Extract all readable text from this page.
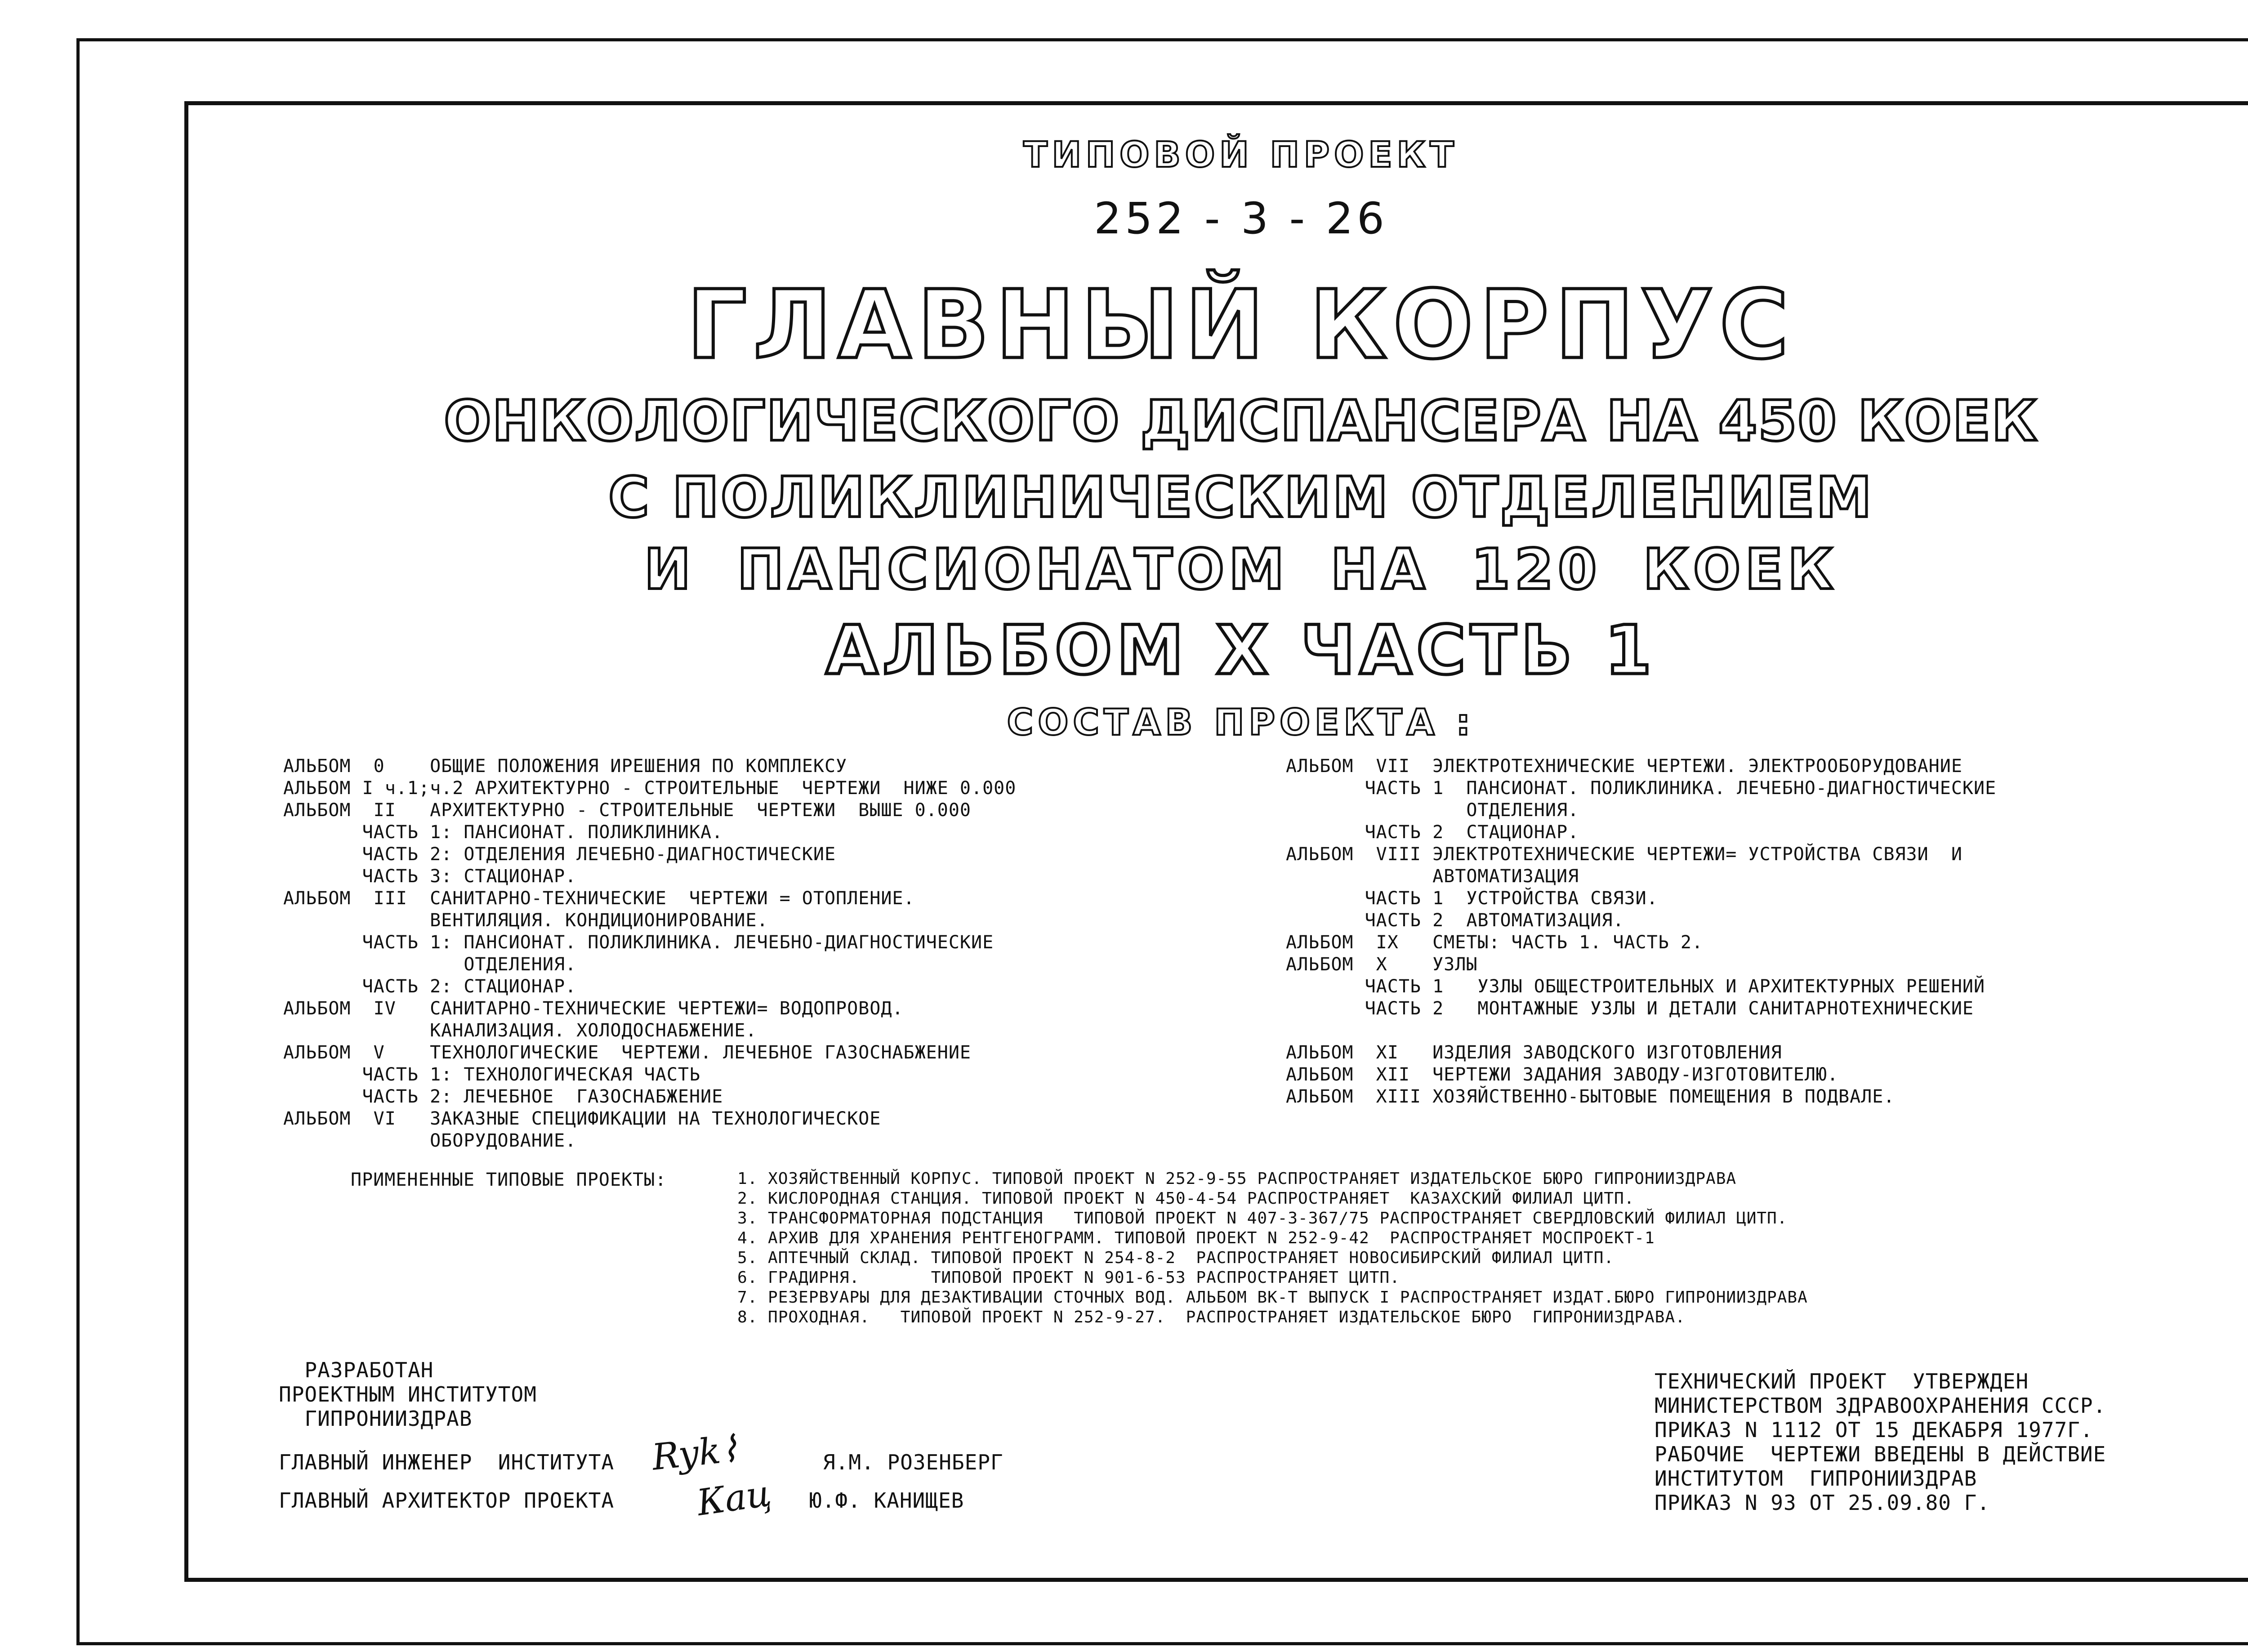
ТИПОВОЙ ПРОЕКТ
252 - 3 - 26
ГЛАВНЫЙ КОРПУС
ОНКОЛОГИЧЕСКОГО ДИСПАНСЕРА НА 450 КОЕК
С ПОЛИКЛИНИЧЕСКИМ ОТДЕЛЕНИЕМ
И ПАНСИОНАТОМ НА 120 КОЕК
АЛЬБОМ X ЧАСТЬ 1
СОСТАВ ПРОЕКТА :
АЛЬБОМ  0    ОБЩИЕ ПОЛОЖЕНИЯ ИРЕШЕНИЯ ПО КОМПЛЕКСУ
АЛЬБОМ I ч.1;ч.2 АРХИТЕКТУРНО - СТРОИТЕЛЬНЫЕ  ЧЕРТЕЖИ  НИЖЕ 0.000
АЛЬБОМ  II   АРХИТЕКТУРНО - СТРОИТЕЛЬНЫЕ  ЧЕРТЕЖИ  ВЫШЕ 0.000
ЧАСТЬ 1: ПАНСИОНАТ. ПОЛИКЛИНИКА.
ЧАСТЬ 2: ОТДЕЛЕНИЯ ЛЕЧЕБНО-ДИАГНОСТИЧЕСКИЕ
ЧАСТЬ 3: СТАЦИОНАР.
АЛЬБОМ  III  САНИТАРНО-ТЕХНИЧЕСКИЕ  ЧЕРТЕЖИ = ОТОПЛЕНИЕ.
ВЕНТИЛЯЦИЯ. КОНДИЦИОНИРОВАНИЕ.
ЧАСТЬ 1: ПАНСИОНАТ. ПОЛИКЛИНИКА. ЛЕЧЕБНО-ДИАГНОСТИЧЕСКИЕ
ОТДЕЛЕНИЯ.
ЧАСТЬ 2: СТАЦИОНАР.
АЛЬБОМ  IV   САНИТАРНО-ТЕХНИЧЕСКИЕ ЧЕРТЕЖИ= ВОДОПРОВОД.
КАНАЛИЗАЦИЯ. ХОЛОДОСНАБЖЕНИЕ.
АЛЬБОМ  V    ТЕХНОЛОГИЧЕСКИЕ  ЧЕРТЕЖИ. ЛЕЧЕБНОЕ ГАЗОСНАБЖЕНИЕ
ЧАСТЬ 1: ТЕХНОЛОГИЧЕСКАЯ ЧАСТЬ
ЧАСТЬ 2: ЛЕЧЕБНОЕ  ГАЗОСНАБЖЕНИЕ
АЛЬБОМ  VI   ЗАКАЗНЫЕ СПЕЦИФИКАЦИИ НА ТЕХНОЛОГИЧЕСКОЕ
ОБОРУДОВАНИЕ.
АЛЬБОМ  VII  ЭЛЕКТРОТЕХНИЧЕСКИЕ ЧЕРТЕЖИ. ЭЛЕКТРООБОРУДОВАНИЕ
ЧАСТЬ 1  ПАНСИОНАТ. ПОЛИКЛИНИКА. ЛЕЧЕБНО-ДИАГНОСТИЧЕСКИЕ
ОТДЕЛЕНИЯ.
ЧАСТЬ 2  СТАЦИОНАР.
АЛЬБОМ  VIII ЭЛЕКТРОТЕХНИЧЕСКИЕ ЧЕРТЕЖИ= УСТРОЙСТВА СВЯЗИ  И
АВТОМАТИЗАЦИЯ
ЧАСТЬ 1  УСТРОЙСТВА СВЯЗИ.
ЧАСТЬ 2  АВТОМАТИЗАЦИЯ.
АЛЬБОМ  IX   СМЕТЫ: ЧАСТЬ 1. ЧАСТЬ 2.
АЛЬБОМ  X    УЗЛЫ
ЧАСТЬ 1   УЗЛЫ ОБЩЕСТРОИТЕЛЬНЫХ И АРХИТЕКТУРНЫХ РЕШЕНИЙ
ЧАСТЬ 2   МОНТАЖНЫЕ УЗЛЫ И ДЕТАЛИ САНИТАРНОТЕХНИЧЕСКИЕ
АЛЬБОМ  XI   ИЗДЕЛИЯ ЗАВОДСКОГО ИЗГОТОВЛЕНИЯ
АЛЬБОМ  XII  ЧЕРТЕЖИ ЗАДАНИЯ ЗАВОДУ-ИЗГОТОВИТЕЛЮ.
АЛЬБОМ  XIII ХОЗЯЙСТВЕННО-БЫТОВЫЕ ПОМЕЩЕНИЯ В ПОДВАЛЕ.
ПРИМЕНЕННЫЕ ТИПОВЫЕ ПРОЕКТЫ:	1. ХОЗЯЙСТВЕННЫЙ КОРПУС. ТИПОВОЙ ПРОЕКТ N 252-9-55 РАСПРОСТРАНЯЕТ ИЗДАТЕЛЬСКОЕ БЮРО ГИПРОНИИЗДРАВА
2. КИСЛОРОДНАЯ СТАНЦИЯ. ТИПОВОЙ ПРОЕКТ N 450-4-54 РАСПРОСТРАНЯЕТ  КАЗАХСКИЙ ФИЛИАЛ ЦИТП.
3. ТРАНСФОРМАТОРНАЯ ПОДСТАНЦИЯ   ТИПОВОЙ ПРОЕКТ N 407-3-367/75 РАСПРОСТРАНЯЕТ СВЕРДЛОВСКИЙ ФИЛИАЛ ЦИТП.
4. АРХИВ ДЛЯ ХРАНЕНИЯ РЕНТГЕНОГРАММ. ТИПОВОЙ ПРОЕКТ N 252-9-42  РАСПРОСТРАНЯЕТ МОСПРОЕКТ-1
5. АПТЕЧНЫЙ СКЛАД. ТИПОВОЙ ПРОЕКТ N 254-8-2  РАСПРОСТРАНЯЕТ НОВОСИБИРСКИЙ ФИЛИАЛ ЦИТП.
6. ГРАДИРНЯ.       ТИПОВОЙ ПРОЕКТ N 901-6-53 РАСПРОСТРАНЯЕТ ЦИТП.
7. РЕЗЕРВУАРЫ ДЛЯ ДЕЗАКТИВАЦИИ СТОЧНЫХ ВОД. АЛЬБОМ ВК-Т ВЫПУСК I РАСПРОСТРАНЯЕТ ИЗДАТ.БЮРО ГИПРОНИИЗДРАВА
8. ПРОХОДНАЯ.   ТИПОВОЙ ПРОЕКТ N 252-9-27.  РАСПРОСТРАНЯЕТ ИЗДАТЕЛЬСКОЕ БЮРО  ГИПРОНИИЗДРАВА.
РАЗРАБОТАН
ПРОЕКТНЫМ ИНСТИТУТОМ
ГИПРОНИИЗДРАВ
ГЛАВНЫЙ ИНЖЕНЕР  ИНСТИТУТА Ryk⌇	Я.М. РОЗЕНБЕРГ
ГЛАВНЫЙ АРХИТЕКТОР ПРОЕКТА Кац Ю.Ф. КАНИЩЕВ
ТЕХНИЧЕСКИЙ ПРОЕКТ  УТВЕРЖДЕН
МИНИСТЕРСТВОМ ЗДРАВООХРАНЕНИЯ СССР.
ПРИКАЗ N 1112 ОТ 15 ДЕКАБРЯ 1977Г.
РАБОЧИЕ  ЧЕРТЕЖИ ВВЕДЕНЫ В ДЕЙСТВИЕ
ИНСТИТУТОМ  ГИПРОНИИЗДРАВ
ПРИКАЗ N 93 ОТ 25.09.80 Г.
